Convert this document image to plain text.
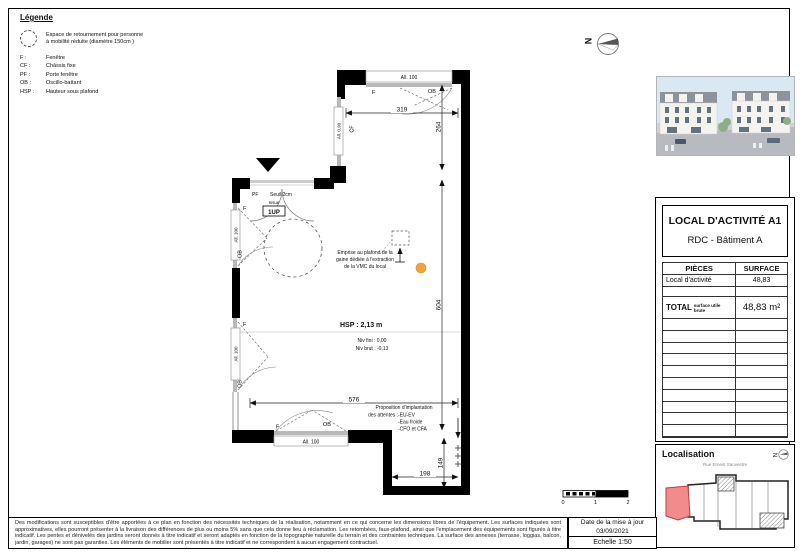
Légende
Espace de retournement pour personne
à mobilité réduite (diamètre 150cm )
F :	Fenêtre
CF :	Châssis fixe
PF :	Porte fenêtre
OB :	Oscillo-battant
HSP :	Hauteur sous plafond
All. 100
F	OB
All. 0,90 CF
F
All. 100
OB
F
All. 100
OB
All. 100
F	OB
PF Seuil 2cm
Issue
1UP
Emprise au plafond de la
gaine dédiée à l'extraction
de la VMC du local
HSP : 2,13 m
Niv fini : 0,00
Niv brut : -0,13
Proposition d'implantation
des attentes : -EU-EV
-Eau froide
-CFO et CFA
319
264
604
576
149
198
N
0	1	2
LOCAL D'ACTIVITÉ A1
RDC - Bâtiment A
PIÈCES	SURFACE
Local d'activité	48,83
TOTAL surface utile brute	48,83 m²
Localisation	N
Rue Ernest Sauvestre
Des modifications sont susceptibles d'être apportées à ce plan en fonction des nécessités techniques de la réalisation, notamment en ce qui concerne les dimensions libres de l'équipement. Les surfaces indiquées sont approximatives, elles pourront présenter à la livraison des différences de plus ou moins 5% sans que cela donne lieu à réclamation. Les retombées, faux-plafond, ainsi que l'emplacement des équipements sont figurés à titre indicatif. Les pentes et dénivelés des jardins seront donnés à titre indicatif et seront adaptés en fonction de la topographie naturelle du terrain et des contraintes techniques. La surface des annexes (terrasse, loggias, balcon, jardin, garages) ne sont pas garanties. Les éléments de mobilier sont présentés à titre indicatif et ne correspondent à aucun engagement contractuel.
Date de la mise à jour
03/09/2021
Echelle 1:50
